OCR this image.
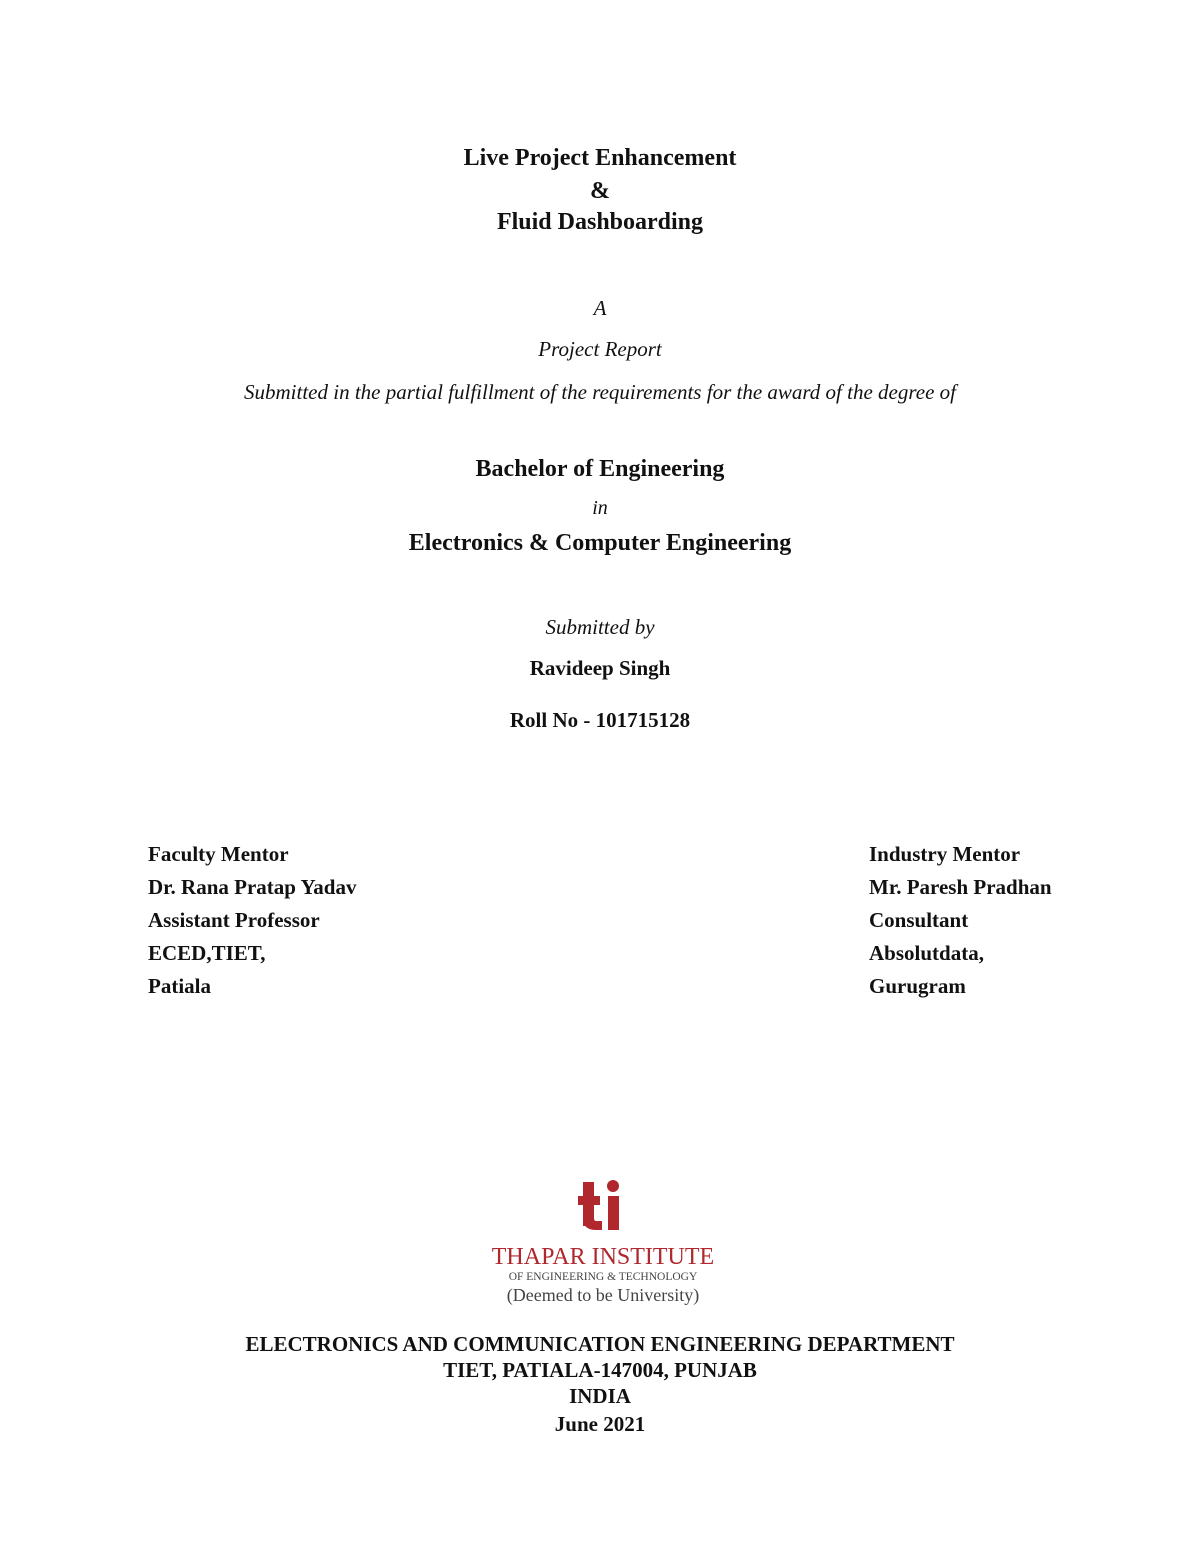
Live Project Enhancement
&
Fluid Dashboarding
A
Project Report
Submitted in the partial fulfillment of the requirements for the award of the degree of
Bachelor of Engineering
in
Electronics & Computer Engineering
Submitted by
Ravideep Singh
Roll No - 101715128
Faculty Mentor
Dr. Rana Pratap Yadav
Assistant Professor
ECED,TIET,
Patiala
Industry Mentor
Mr. Paresh Pradhan
Consultant
Absolutdata,
Gurugram
THAPAR INSTITUTE
OF ENGINEERING & TECHNOLOGY
(Deemed to be University)
ELECTRONICS AND COMMUNICATION ENGINEERING DEPARTMENT
TIET, PATIALA-147004, PUNJAB
INDIA
June 2021
